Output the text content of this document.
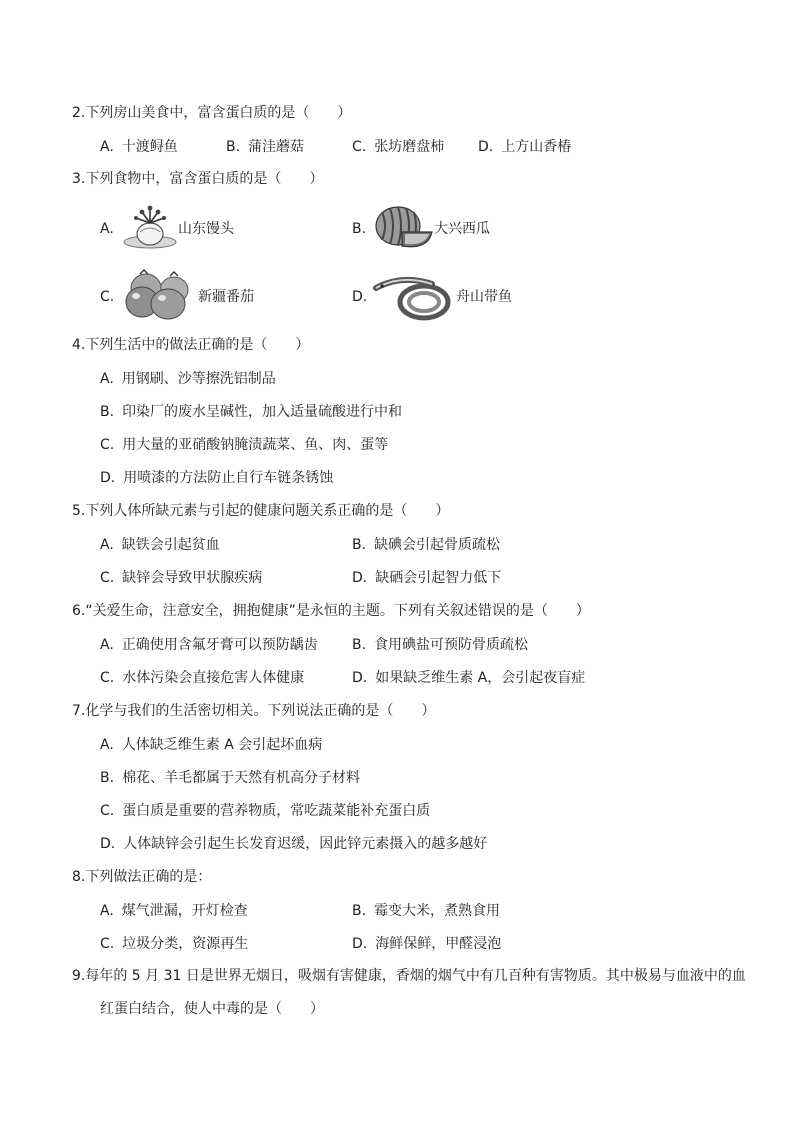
2.下列房山美食中，富含蛋白质的是（　　）
A. 十渡鲟鱼	B. 蒲洼蘑菇	C. 张坊磨盘柿 D. 上方山香椿
3.下列食物中，富含蛋白质的是（　　）
A.	山东馒头	B.	大兴西瓜
C.	新疆番茄	D.	舟山带鱼
4.下列生活中的做法正确的是（　　）
A. 用钢刷、沙等擦洗铝制品
B. 印染厂的废水呈碱性，加入适量硫酸进行中和
C. 用大量的亚硝酸钠腌渍蔬菜、鱼、肉、蛋等
D. 用喷漆的方法防止自行车链条锈蚀
5.下列人体所缺元素与引起的健康问题关系正确的是（　　）
A. 缺铁会引起贫血	B. 缺碘会引起骨质疏松
C. 缺锌会导致甲状腺疾病	D. 缺硒会引起智力低下
6.“关爱生命，注意安全，拥抱健康”是永恒的主题。下列有关叙述错误的是（　　）
A. 正确使用含氟牙膏可以预防龋齿 B. 食用碘盐可预防骨质疏松
C. 水体污染会直接危害人体健康	D. 如果缺乏维生素 A，会引起夜盲症
7.化学与我们的生活密切相关。下列说法正确的是（　　）
A. 人体缺乏维生素 A 会引起坏血病
B. 棉花、羊毛都属于天然有机高分子材料
C. 蛋白质是重要的营养物质，常吃蔬菜能补充蛋白质
D. 人体缺锌会引起生长发育迟缓，因此锌元素摄入的越多越好
8.下列做法正确的是：
A. 煤气泄漏，开灯检查	B. 霉变大米，煮熟食用
C. 垃圾分类，资源再生	D. 海鲜保鲜，甲醛浸泡
9.每年的 5 月 31 日是世界无烟日，吸烟有害健康，香烟的烟气中有几百种有害物质。其中极易与血液中的血红蛋白结合，使人中毒的是（　　）
